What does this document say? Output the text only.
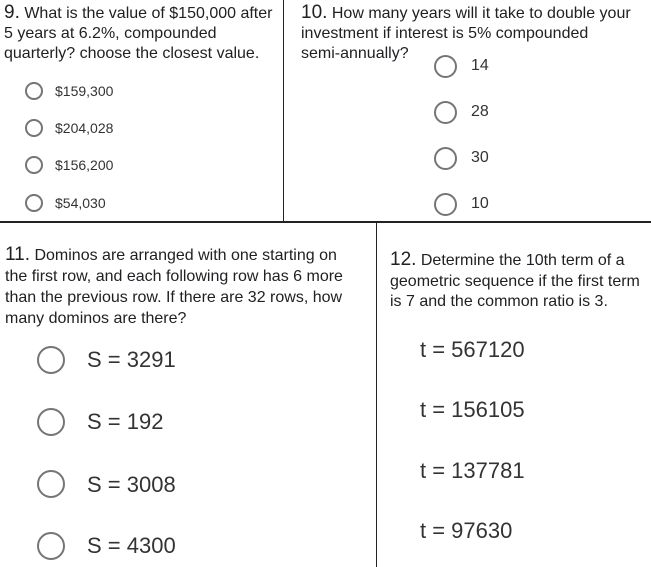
9. What is the value of $150,000 after
5 years at 6.2%, compounded
quarterly? choose the closest value.
$159,300
$204,028
$156,200
$54,030
10. How many years will it take to double your
investment if interest is 5% compounded
semi-annually?
14
28
30
10
11. Dominos are arranged with one starting on
the first row, and each following row has 6 more
than the previous row. If there are 32 rows, how
many dominos are there?
S = 3291
S = 192
S = 3008
S = 4300
12. Determine the 10th term of a
geometric sequence if the first term
is 7 and the common ratio is 3.
t = 567120
t = 156105
t = 137781
t = 97630
